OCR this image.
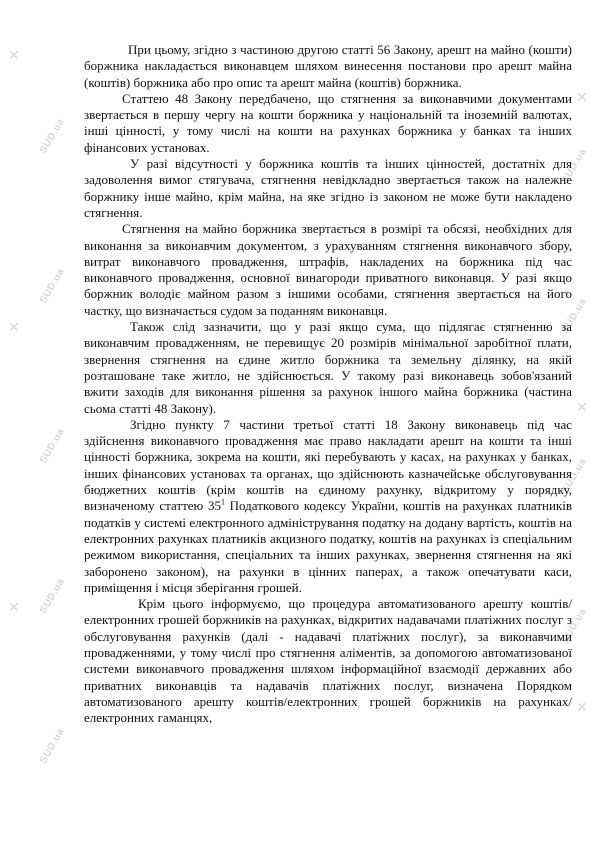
SUD.ua
SUD.ua
SUD.ua
SUD.ua
SUD.ua
SUD.ua
SUD.ua
SUD.ua
SUD.ua
✕
✕
✕
✕
✕
✕

При цьому, згідно з частиною другою статті 56 Закону, арешт на майно (кошти) боржника накладається виконавцем шляхом винесення постанови про арешт майна (коштів) боржника або про опис та арешт майна (коштів) боржника.

Статтею 48 Закону передбачено, що стягнення за виконавчими документами звертається в першу чергу на кошти боржника у національній та іноземній валютах, інші цінності, у тому числі на кошти на рахунках боржника у банках та інших фінансових установах.

У разі відсутності у боржника коштів та інших цінностей, достатніх для задоволення вимог стягувача, стягнення невідкладно звертається також на належне боржнику інше майно, крім майна, на яке згідно із законом не може бути накладено стягнення.

Стягнення на майно боржника звертається в розмірі та обсязі, необхідних для виконання за виконавчим документом, з урахуванням стягнення виконавчого збору, витрат виконавчого провадження, штрафів, накладених на боржника під час виконавчого провадження, основної винагороди приватного виконавця. У разі якщо боржник володіє майном разом з іншими особами, стягнення звертається на його частку, що визначається судом за поданням виконавця.

Також слід зазначити, що у разі якщо сума, що підлягає стягненню за виконавчим провадженням, не перевищує 20 розмірів мінімальної заробітної плати, звернення стягнення на єдине житло боржника та земельну ділянку, на якій розташоване таке житло, не здійснюється. У такому разі виконавець зобов'язаний вжити заходів для виконання рішення за рахунок іншого майна боржника (частина сьома статті 48 Закону).

Згідно пункту 7 частини третьої статті 18 Закону виконавець під час здійснення виконавчого провадження має право накладати арешт на кошти та інші цінності боржника, зокрема на кошти, які перебувають у касах, на рахунках у банках, інших фінансових установах та органах, що здійснюють казначейське обслуговування бюджетних коштів (крім коштів на єдиному рахунку, відкритому у порядку, визначеному статтею $35^1$ Податкового кодексу України, коштів на рахунках платників податків у системі електронного адміністрування податку на додану вартість, коштів на електронних рахунках платників акцизного податку, коштів на рахунках із спеціальним режимом використання, спеціальних та інших рахунках, звернення стягнення на які заборонено законом), на рахунки в цінних паперах, а також опечатувати каси, приміщення і місця зберігання грошей.

Крім цього інформуємо, що процедура автоматизованого арешту коштів/електронних грошей боржників на рахунках, відкритих надавачами платіжних послуг з обслуговування рахунків (далі - надавачі платіжних послуг), за виконавчими провадженнями, у тому числі про стягнення аліментів, за допомогою автоматизованої системи виконавчого провадження шляхом інформаційної взаємодії державних або приватних виконавців та надавачів платіжних послуг, визначена Порядком автоматизованого арешту коштів/електронних грошей боржників на рахунках/електронних гаманцях,
